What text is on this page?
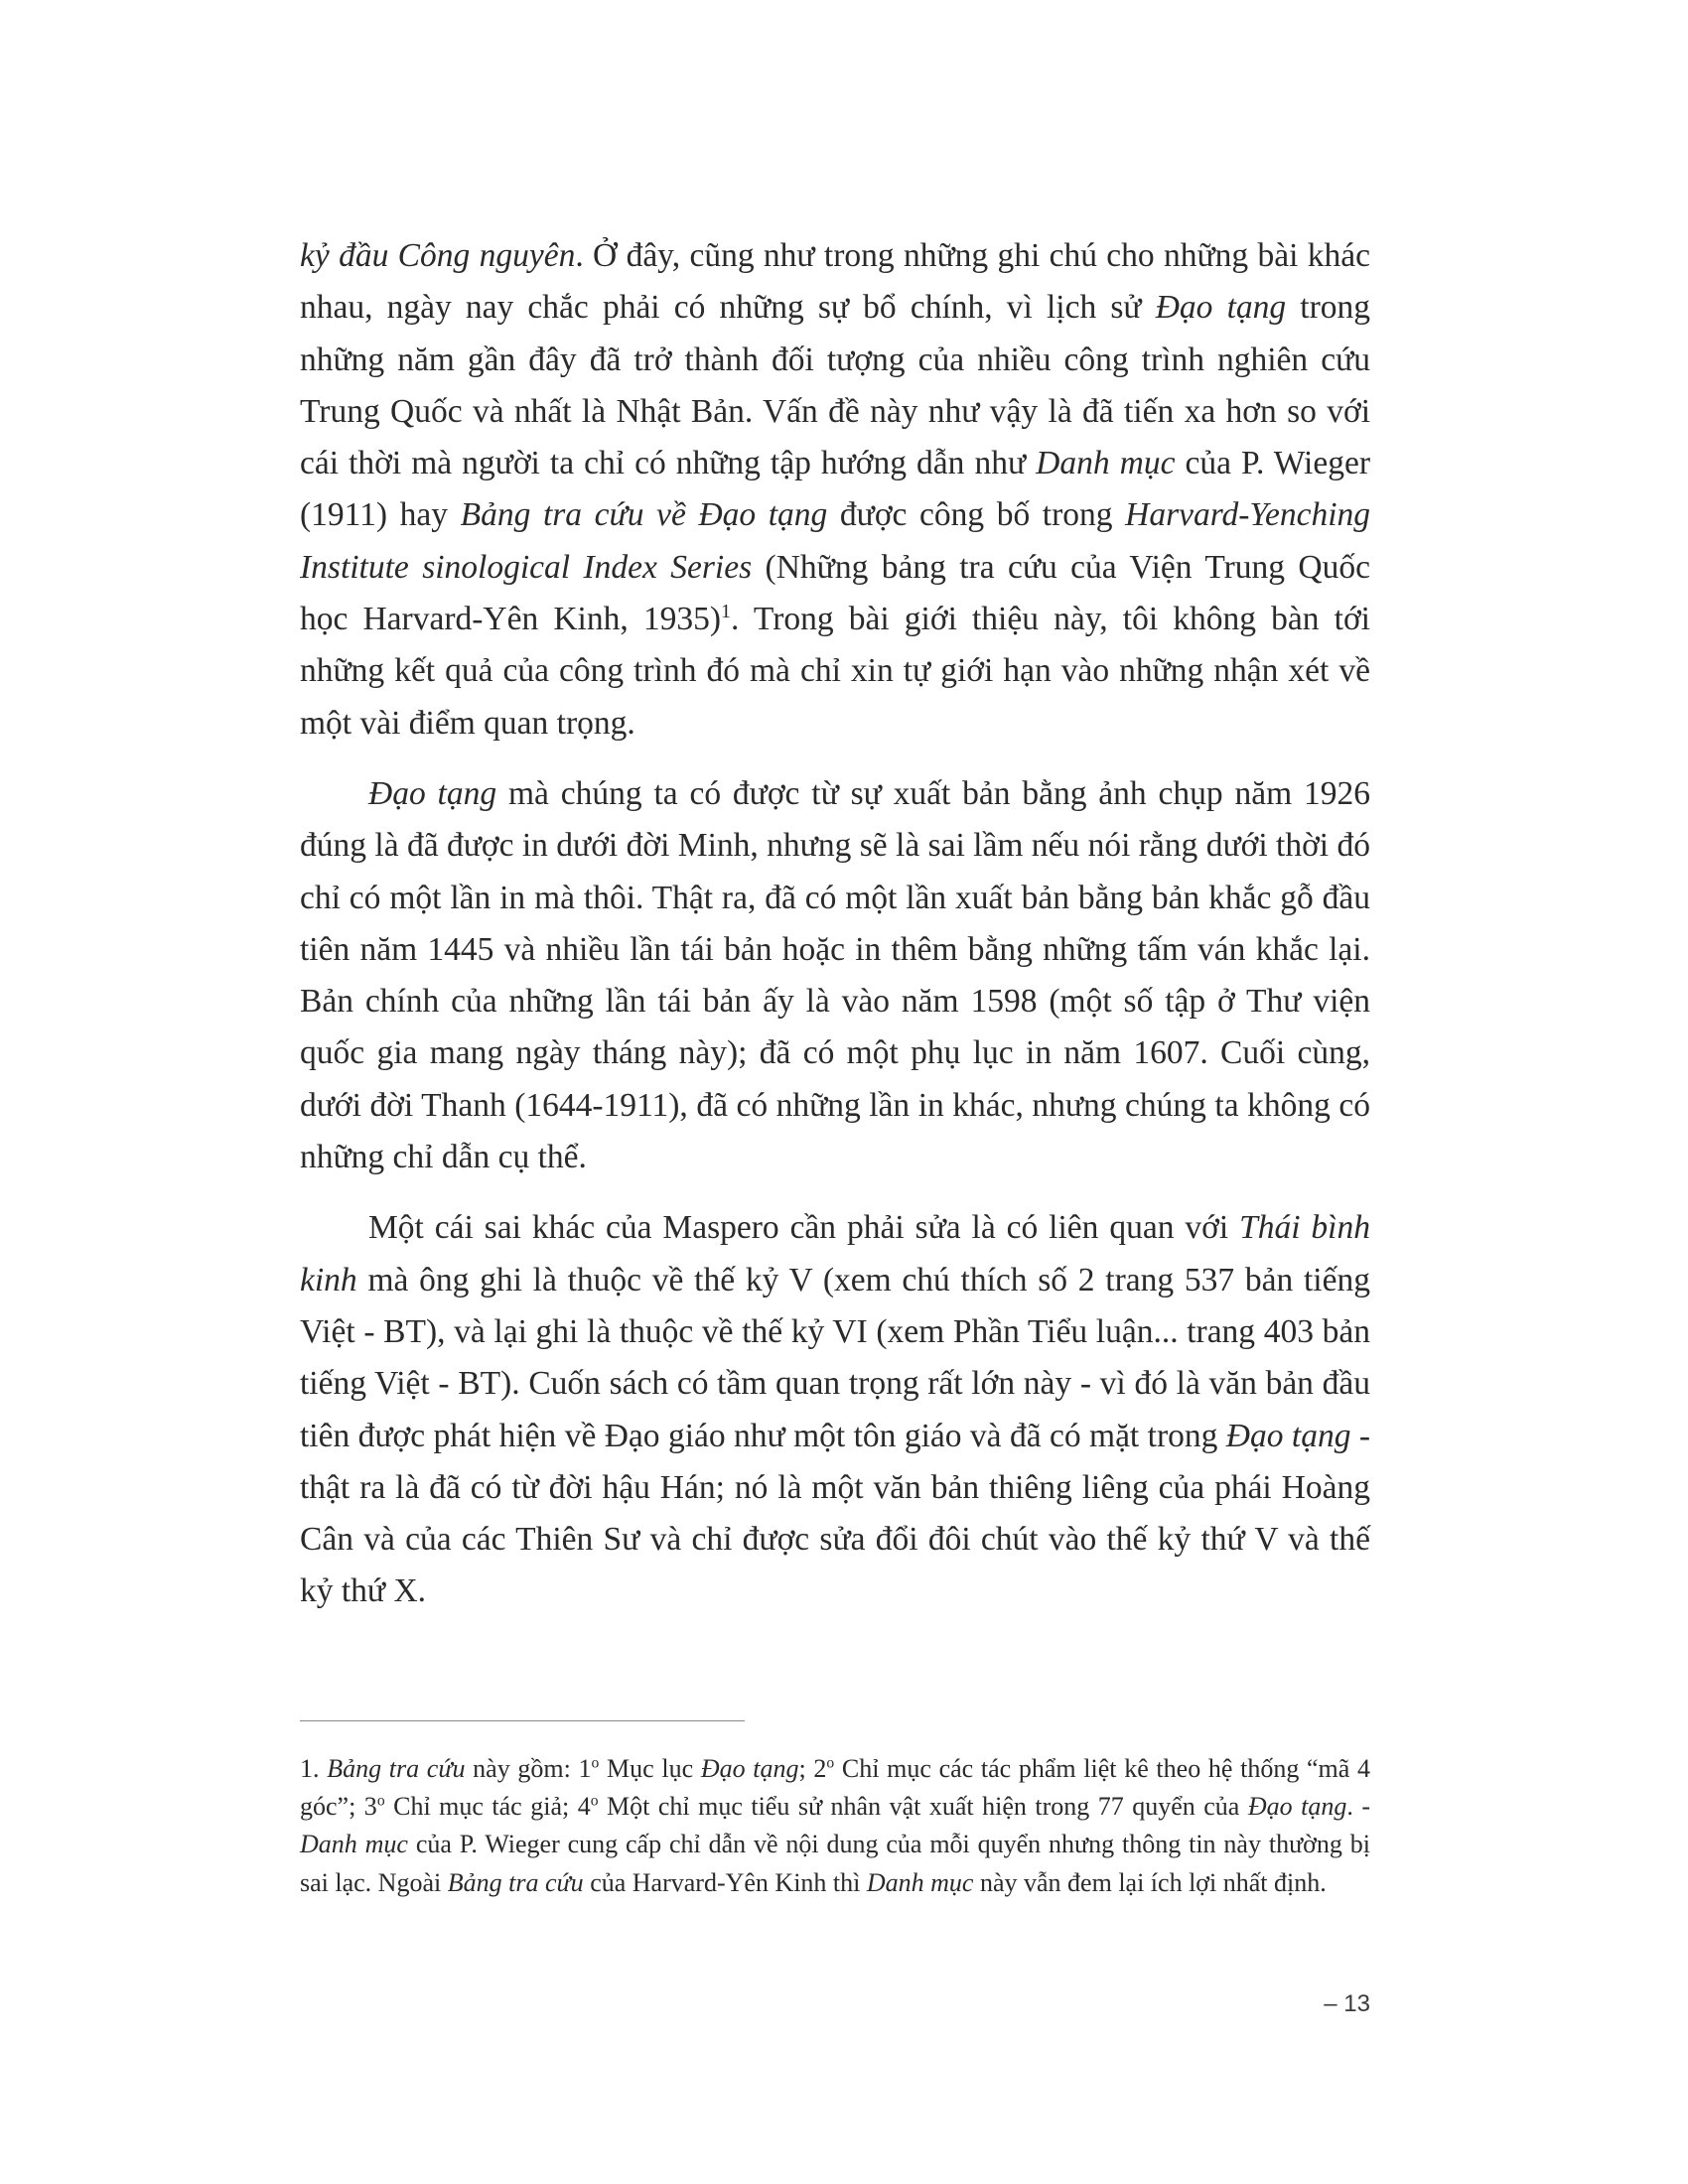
kỷ đầu Công nguyên. Ở đây, cũng như trong những ghi chú cho những bài khác nhau, ngày nay chắc phải có những sự bổ chính, vì lịch sử Đạo tạng trong những năm gần đây đã trở thành đối tượng của nhiều công trình nghiên cứu Trung Quốc và nhất là Nhật Bản. Vấn đề này như vậy là đã tiến xa hơn so với cái thời mà người ta chỉ có những tập hướng dẫn như Danh mục của P. Wieger (1911) hay Bảng tra cứu về Đạo tạng được công bố trong Harvard-Yenching Institute sinological Index Series (Những bảng tra cứu của Viện Trung Quốc học Harvard-Yên Kinh, 1935)$^1$. Trong bài giới thiệu này, tôi không bàn tới những kết quả của công trình đó mà chỉ xin tự giới hạn vào những nhận xét về một vài điểm quan trọng.

Đạo tạng mà chúng ta có được từ sự xuất bản bằng ảnh chụp năm 1926 đúng là đã được in dưới đời Minh, nhưng sẽ là sai lầm nếu nói rằng dưới thời đó chỉ có một lần in mà thôi. Thật ra, đã có một lần xuất bản bằng bản khắc gỗ đầu tiên năm 1445 và nhiều lần tái bản hoặc in thêm bằng những tấm ván khắc lại. Bản chính của những lần tái bản ấy là vào năm 1598 (một số tập ở Thư viện quốc gia mang ngày tháng này); đã có một phụ lục in năm 1607. Cuối cùng, dưới đời Thanh (1644-1911), đã có những lần in khác, nhưng chúng ta không có những chỉ dẫn cụ thể.

Một cái sai khác của Maspero cần phải sửa là có liên quan với Thái bình kinh mà ông ghi là thuộc về thế kỷ V (xem chú thích số 2 trang 537 bản tiếng Việt - BT), và lại ghi là thuộc về thế kỷ VI (xem Phần Tiểu luận... trang 403 bản tiếng Việt - BT). Cuốn sách có tầm quan trọng rất lớn này - vì đó là văn bản đầu tiên được phát hiện về Đạo giáo như một tôn giáo và đã có mặt trong Đạo tạng - thật ra là đã có từ đời hậu Hán; nó là một văn bản thiêng liêng của phái Hoàng Cân và của các Thiên Sư và chỉ được sửa đổi đôi chút vào thế kỷ thứ V và thế kỷ thứ X.

1. Bảng tra cứu này gồm: 1$^o$ Mục lục Đạo tạng; 2$^o$ Chỉ mục các tác phẩm liệt kê theo hệ thống “mã 4 góc”; 3$^o$ Chỉ mục tác giả; 4$^o$ Một chỉ mục tiểu sử nhân vật xuất hiện trong 77 quyển của Đạo tạng. - Danh mục của P. Wieger cung cấp chỉ dẫn về nội dung của mỗi quyển nhưng thông tin này thường bị sai lạc. Ngoài Bảng tra cứu của Harvard-Yên Kinh thì Danh mục này vẫn đem lại ích lợi nhất định.

– 13
